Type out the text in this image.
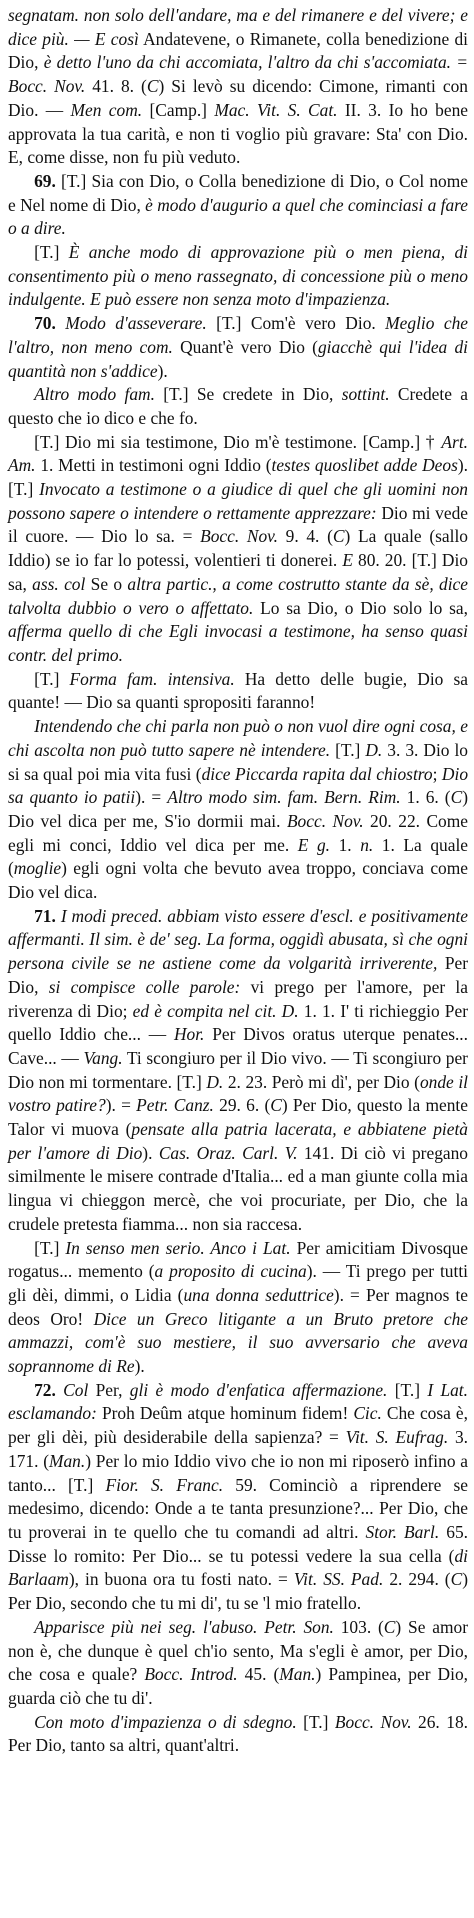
segnatam. non solo dell'andare, ma e del rimanere e del vivere; e dice più. — E così Andatevene, o Rimanete, colla benedizione di Dio, è detto l'uno da chi accomiata, l'altro da chi s'accomiata. = Bocc. Nov. 41. 8. (C) Si levò su dicendo: Cimone, rimanti con Dio. — Men com. [Camp.] Mac. Vit. S. Cat. II. 3. Io ho bene approvata la tua carità, e non ti voglio più gravare: Sta' con Dio. E, come disse, non fu più veduto.

69. [T.] Sia con Dio, o Colla benedizione di Dio, o Col nome e Nel nome di Dio, è modo d'augurio a quel che cominciasi a fare o a dire.

[T.] È anche modo di approvazione più o men piena, di consentimento più o meno rassegnato, di concessione più o meno indulgente. E può essere non senza moto d'impazienza.

70. Modo d'asseverare. [T.] Com'è vero Dio. Meglio che l'altro, non meno com. Quant'è vero Dio (giacchè qui l'idea di quantità non s'addice).

Altro modo fam. [T.] Se credete in Dio, sottint. Credete a questo che io dico e che fo.

[T.] Dio mi sia testimone, Dio m'è testimone. [Camp.] † Art. Am. 1. Metti in testimoni ogni Iddio (testes quoslibet adde Deos). [T.] Invocato a testimone o a giudice di quel che gli uomini non possono sapere o intendere o rettamente apprezzare: Dio mi vede il cuore. — Dio lo sa. = Bocc. Nov. 9. 4. (C) La quale (sallo Iddio) se io far lo potessi, volentieri ti donerei. E 80. 20. [T.] Dio sa, ass. col Se o altra partic., a come costrutto stante da sè, dice talvolta dubbio o vero o affettato. Lo sa Dio, o Dio solo lo sa, afferma quello di che Egli invocasi a testimone, ha senso quasi contr. del primo.

[T.] Forma fam. intensiva. Ha detto delle bugie, Dio sa quante! — Dio sa quanti spropositi faranno!

Intendendo che chi parla non può o non vuol dire ogni cosa, e chi ascolta non può tutto sapere nè intendere. [T.] D. 3. 3. Dio lo si sa qual poi mia vita fusi (dice Piccarda rapita dal chiostro; Dio sa quanto io patii). = Altro modo sim. fam. Bern. Rim. 1. 6. (C) Dio vel dica per me, S'io dormii mai. Bocc. Nov. 20. 22. Come egli mi conci, Iddio vel dica per me. E g. 1. n. 1. La quale (moglie) egli ogni volta che bevuto avea troppo, conciava come Dio vel dica.

71. I modi preced. abbiam visto essere d'escl. e positivamente affermanti. Il sim. è de' seg. La forma, oggidì abusata, sì che ogni persona civile se ne astiene come da volgarità irriverente, Per Dio, si compisce colle parole: vi prego per l'amore, per la riverenza di Dio; ed è compita nel cit. D. 1. 1. I' ti richieggio Per quello Iddio che... — Hor. Per Divos oratus uterque penates... Cave... — Vang. Ti scongiuro per il Dio vivo. — Ti scongiuro per Dio non mi tormentare. [T.] D. 2. 23. Però mi dì', per Dio (onde il vostro patire?). = Petr. Canz. 29. 6. (C) Per Dio, questo la mente Talor vi muova (pensate alla patria lacerata, e abbiatene pietà per l'amore di Dio). Cas. Oraz. Carl. V. 141. Di ciò vi pregano similmente le misere contrade d'Italia... ed a man giunte colla mia lingua vi chieggon mercè, che voi procuriate, per Dio, che la crudele pretesta fiamma... non sia raccesa.

[T.] In senso men serio. Anco i Lat. Per amicitiam Divosque rogatus... memento (a proposito di cucina). — Ti prego per tutti gli dèi, dimmi, o Lidia (una donna seduttrice). = Per magnos te deos Oro! Dice un Greco litigante a un Bruto pretore che ammazzi, com'è suo mestiere, il suo avversario che aveva soprannome di Re).

72. Col Per, gli è modo d'enfatica affermazione. [T.] I Lat. esclamando: Proh Deûm atque hominum fidem! Cic. Che cosa è, per gli dèi, più desiderabile della sapienza? = Vit. S. Eufrag. 3. 171. (Man.) Per lo mio Iddio vivo che io non mi riposerò infino a tanto... [T.] Fior. S. Franc. 59. Cominciò a riprendere se medesimo, dicendo: Onde a te tanta presunzione?... Per Dio, che tu proverai in te quello che tu comandi ad altri. Stor. Barl. 65. Disse lo romito: Per Dio... se tu potessi vedere la sua cella (di Barlaam), in buona ora tu fosti nato. = Vit. SS. Pad. 2. 294. (C) Per Dio, secondo che tu mi di', tu se 'l mio fratello.

Apparisce più nei seg. l'abuso. Petr. Son. 103. (C) Se amor non è, che dunque è quel ch'io sento, Ma s'egli è amor, per Dio, che cosa e quale? Bocc. Introd. 45. (Man.) Pampinea, per Dio, guarda ciò che tu di'.

Con moto d'impazienza o di sdegno. [T.] Bocc. Nov. 26. 18. Per Dio, tanto sa altri, quant'altri.
